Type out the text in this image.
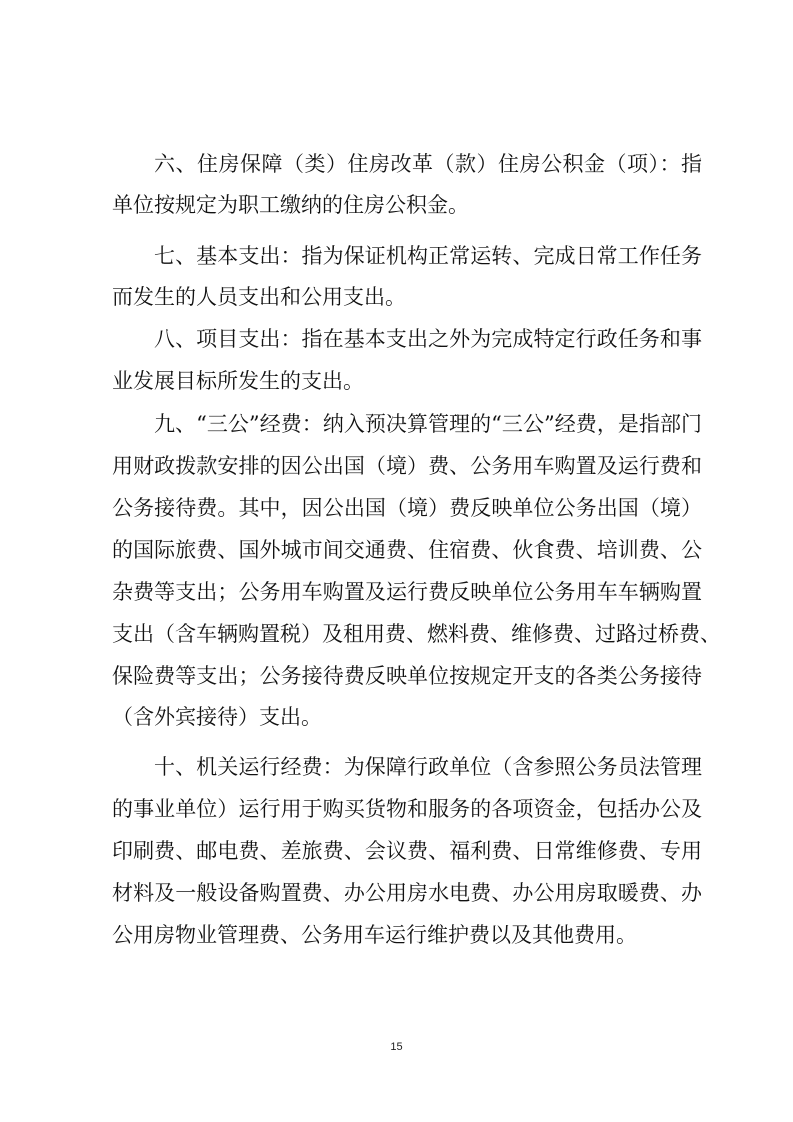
六、住房保障（类）住房改革（款）住房公积金（项）：指
单位按规定为职工缴纳的住房公积金。
七、基本支出：指为保证机构正常运转、完成日常工作任务
而发生的人员支出和公用支出。
八、项目支出：指在基本支出之外为完成特定行政任务和事
业发展目标所发生的支出。
九、“三公”经费：纳入预决算管理的“三公”经费，是指部门
用财政拨款安排的因公出国（境）费、公务用车购置及运行费和
公务接待费。其中，因公出国（境）费反映单位公务出国（境）
的国际旅费、国外城市间交通费、住宿费、伙食费、培训费、公
杂费等支出；公务用车购置及运行费反映单位公务用车车辆购置
支出（含车辆购置税）及租用费、燃料费、维修费、过路过桥费、
保险费等支出；公务接待费反映单位按规定开支的各类公务接待
（含外宾接待）支出。
十、机关运行经费：为保障行政单位（含参照公务员法管理
的事业单位）运行用于购买货物和服务的各项资金，包括办公及
印刷费、邮电费、差旅费、会议费、福利费、日常维修费、专用
材料及一般设备购置费、办公用房水电费、办公用房取暖费、办
公用房物业管理费、公务用车运行维护费以及其他费用。
15
